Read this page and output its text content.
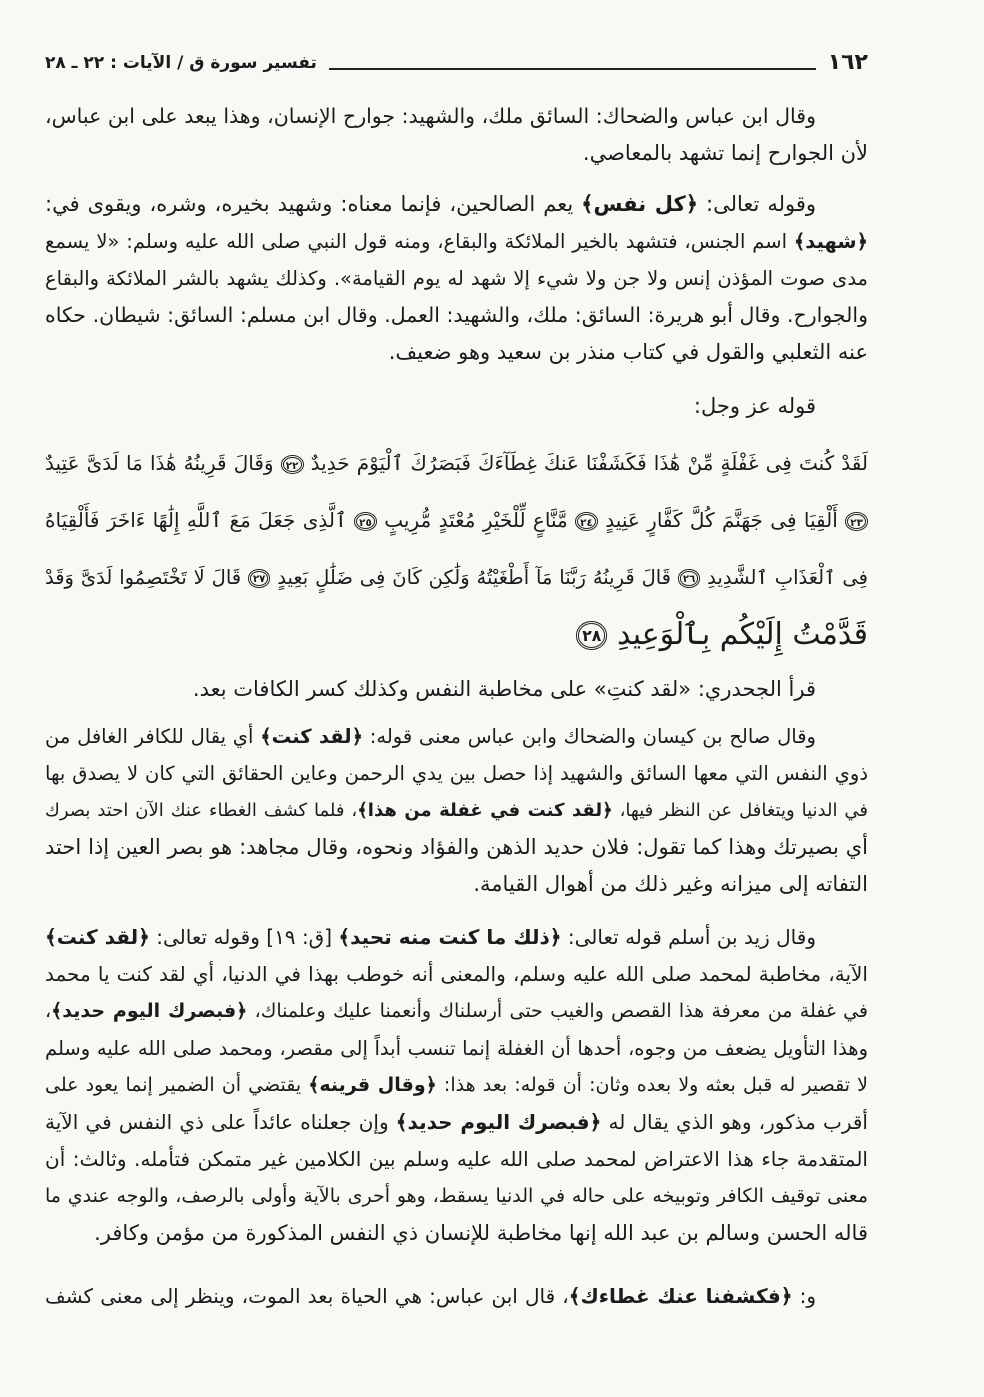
١٦٢
تفسير سورة ق / الآيات : ٢٢ ـ ٢٨
وقال ابن عباس والضحاك: السائق ملك، والشهيد: جوارح الإنسان، وهذا يبعد على ابن عباس،
لأن الجوارح إنما تشهد بالمعاصي.
وقوله تعالى: ﴿كل نفس﴾ يعم الصالحين، فإنما معناه: وشهيد بخيره، وشره، ويقوى في:
﴿شهيد﴾ اسم الجنس، فتشهد بالخير الملائكة والبقاع، ومنه قول النبي صلى الله عليه وسلم: «لا يسمع
مدى صوت المؤذن إنس ولا جن ولا شيء إلا شهد له يوم القيامة». وكذلك يشهد بالشر الملائكة والبقاع
والجوارح. وقال أبو هريرة: السائق: ملك، والشهيد: العمل. وقال ابن مسلم: السائق: شيطان. حكاه
عنه الثعلبي والقول في كتاب منذر بن سعيد وهو ضعيف.
قوله عز وجل:
لَقَدْ كُنتَ فِى غَفْلَةٍ مِّنْ هَٰذَا فَكَشَفْنَا عَنكَ غِطَآءَكَ فَبَصَرُكَ ٱلْيَوْمَ حَدِيدٌ ٢٢ وَقَالَ قَرِينُهُ هَٰذَا مَا لَدَىَّ عَتِيدٌ
٢٣ أَلْقِيَا فِى جَهَنَّمَ كُلَّ كَفَّارٍ عَنِيدٍ ٢٤ مَّنَّاعٍ لِّلْخَيْرِ مُعْتَدٍ مُّرِيبٍ ٢٥ ٱلَّذِى جَعَلَ مَعَ ٱللَّهِ إِلَٰهًا ءَاخَرَ فَأَلْقِيَاهُ
فِى ٱلْعَذَابِ ٱلشَّدِيدِ ٢٦ قَالَ قَرِينُهُ رَبَّنَا مَآ أَطْغَيْتُهُ وَلَٰكِن كَانَ فِى ضَلَٰلٍ بَعِيدٍ ٢٧ قَالَ لَا تَخْتَصِمُوا لَدَىَّ وَقَدْ
قَدَّمْتُ إِلَيْكُم بِٱلْوَعِيدِ ٢٨
قرأ الجحدري: «لقد كنتِ» على مخاطبة النفس وكذلك كسر الكافات بعد.
وقال صالح بن كيسان والضحاك وابن عباس معنى قوله: ﴿لقد كنت﴾ أي يقال للكافر الغافل من
ذوي النفس التي معها السائق والشهيد إذا حصل بين يدي الرحمن وعاين الحقائق التي كان لا يصدق بها
في الدنيا ويتغافل عن النظر فيها، ﴿لقد كنت في غفلة من هذا﴾، فلما كشف الغطاء عنك الآن احتد بصرك
أي بصيرتك وهذا كما تقول: فلان حديد الذهن والفؤاد ونحوه، وقال مجاهد: هو بصر العين إذا احتد
التفاته إلى ميزانه وغير ذلك من أهوال القيامة.
وقال زيد بن أسلم قوله تعالى: ﴿ذلك ما كنت منه تحيد﴾ [ق: ١٩] وقوله تعالى: ﴿لقد كنت﴾
الآية، مخاطبة لمحمد صلى الله عليه وسلم، والمعنى أنه خوطب بهذا في الدنيا، أي لقد كنت يا محمد
في غفلة من معرفة هذا القصص والغيب حتى أرسلناك وأنعمنا عليك وعلمناك، ﴿فبصرك اليوم حديد﴾،
وهذا التأويل يضعف من وجوه، أحدها أن الغفلة إنما تنسب أبداً إلى مقصر، ومحمد صلى الله عليه وسلم
لا تقصير له قبل بعثه ولا بعده وثان: أن قوله: بعد هذا: ﴿وقال قرينه﴾ يقتضي أن الضمير إنما يعود على
أقرب مذكور، وهو الذي يقال له ﴿فبصرك اليوم حديد﴾ وإن جعلناه عائداً على ذي النفس في الآية
المتقدمة جاء هذا الاعتراض لمحمد صلى الله عليه وسلم بين الكلامين غير متمكن فتأمله. وثالث: أن
معنى توقيف الكافر وتوبيخه على حاله في الدنيا يسقط، وهو أحرى بالآية وأولى بالرصف، والوجه عندي ما
قاله الحسن وسالم بن عبد الله إنها مخاطبة للإنسان ذي النفس المذكورة من مؤمن وكافر.
و: ﴿فكشفنا عنك غطاءك﴾، قال ابن عباس: هي الحياة بعد الموت، وينظر إلى معنى كشف
